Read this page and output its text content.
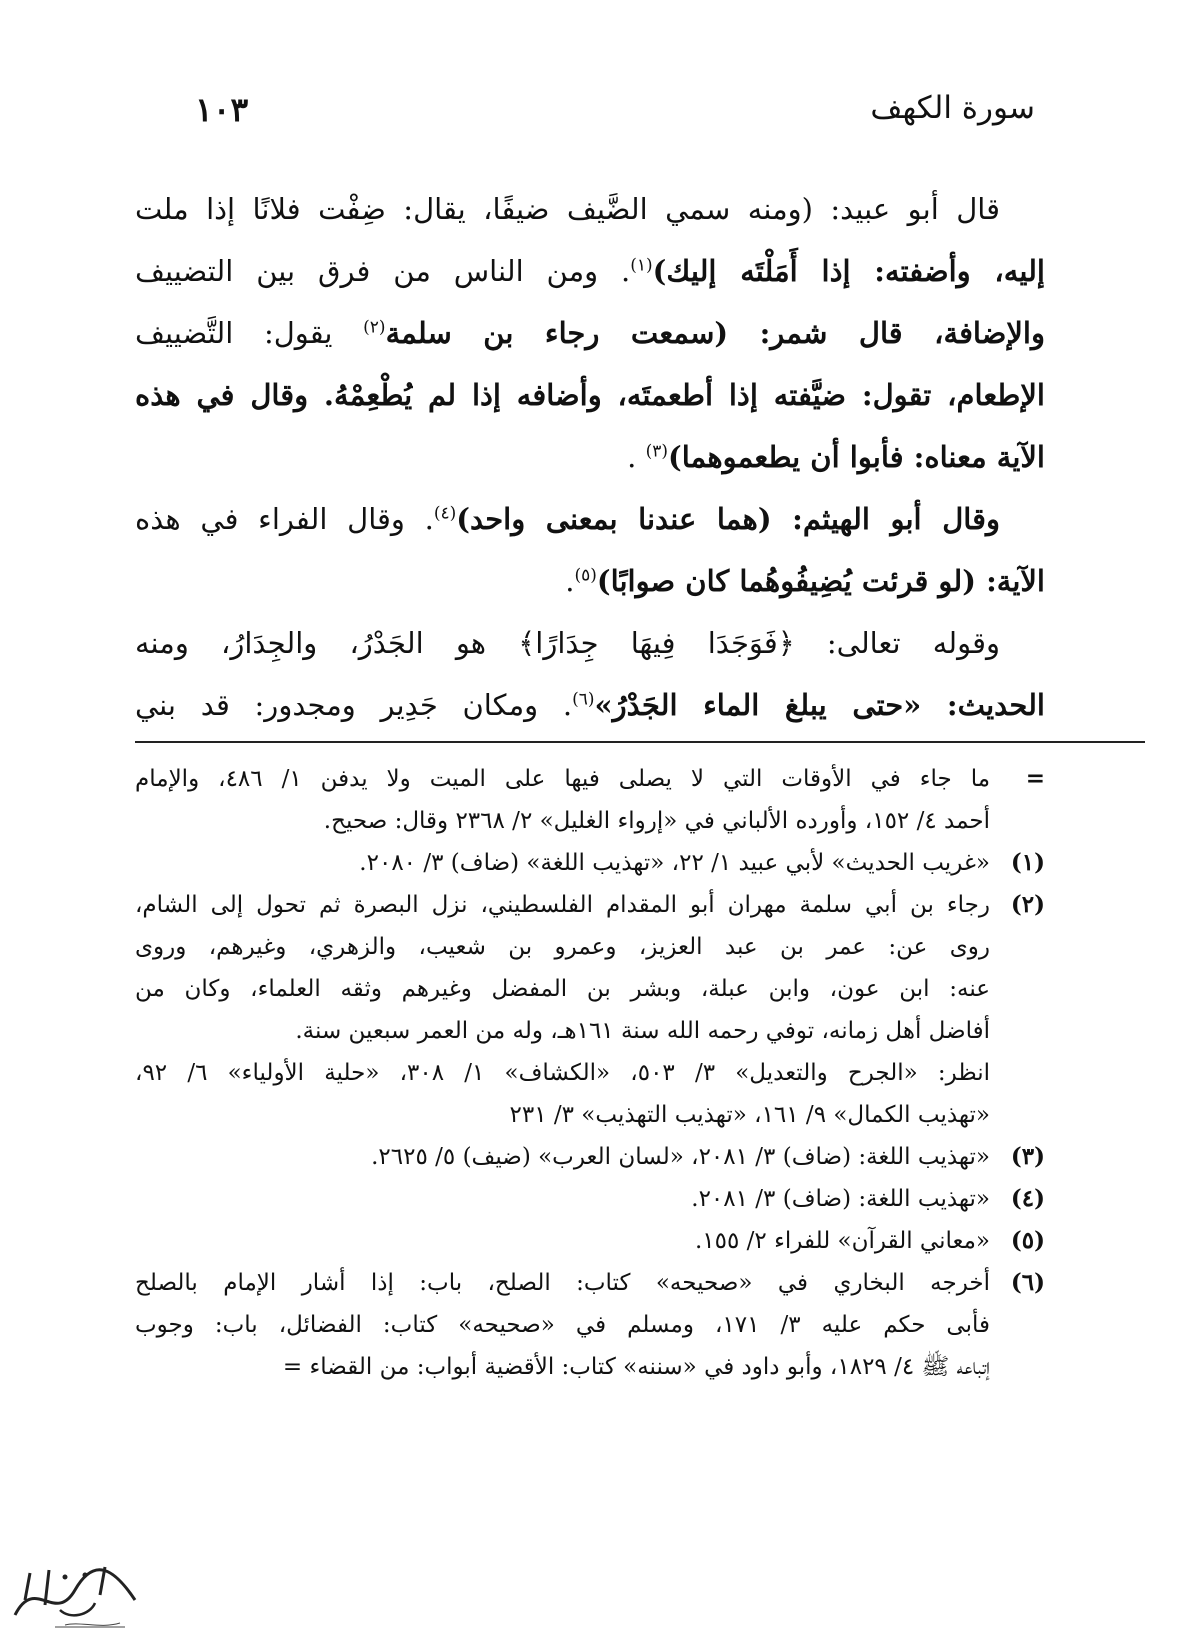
سورة الكهف
١٠٣

قال أبو عبيد: (ومنه سمي الضَّيف ضيفًا، يقال: ضِفْت فلانًا إذا ملت

إليه، وأضفته: إذا أَمَلْتَه إليك)$^{(١)}$. ومن الناس من فرق بين التضييف

والإضافة، قال شمر: (سمعت رجاء بن سلمة$^{(٢)}$ يقول: التَّضييف

الإطعام، تقول: ضيَّفته إذا أطعمتَه، وأضافه إذا لم يُطْعِمْهُ. وقال في هذه

الآية معناه: فأبوا أن يطعموهما)$^{(٣)}$ .

وقال أبو الهيثم: (هما عندنا بمعنى واحد)$^{(٤)}$. وقال الفراء في هذه

الآية: (لو قرئت يُضِيفُوهُما كان صوابًا)$^{(٥)}$.

وقوله تعالى: ﴿فَوَجَدَا فِيهَا جِدَارًا﴾ هو الجَدْرُ، والجِدَارُ، ومنه

الحديث: «حتى يبلغ الماء الجَدْرُ»$^{(٦)}$. ومكان جَدِير ومجدور: قد بني

=
ما جاء في الأوقات التي لا يصلى فيها على الميت ولا يدفن ١/ ٤٨٦، والإمام
أحمد ٤/ ١٥٢، وأورده الألباني في «إرواء الغليل» ٢/ ٢٣٦٨ وقال: صحيح.
(١)
«غريب الحديث» لأبي عبيد ١/ ٢٢، «تهذيب اللغة» (ضاف) ٣/ ٢٠٨٠.
(٢)
رجاء بن أبي سلمة مهران أبو المقدام الفلسطيني، نزل البصرة ثم تحول إلى الشام،
روى عن: عمر بن عبد العزيز، وعمرو بن شعيب، والزهري، وغيرهم، وروى
عنه: ابن عون، وابن عبلة، وبشر بن المفضل وغيرهم وثقه العلماء، وكان من
أفاضل أهل زمانه، توفي رحمه الله سنة ١٦١هـ، وله من العمر سبعين سنة.
انظر: «الجرح والتعديل» ٣/ ٥٠٣، «الكشاف» ١/ ٣٠٨، «حلية الأولياء» ٦/ ٩٢،
«تهذيب الكمال» ٩/ ١٦١، «تهذيب التهذيب» ٣/ ٢٣١
(٣)
«تهذيب اللغة: (ضاف) ٣/ ٢٠٨١، «لسان العرب» (ضيف) ٥/ ٢٦٢٥.
(٤)
«تهذيب اللغة: (ضاف) ٣/ ٢٠٨١.
(٥)
«معاني القرآن» للفراء ٢/ ١٥٥.
(٦)
أخرجه البخاري في «صحيحه» كتاب: الصلح، باب: إذا أشار الإمام بالصلح
فأبى حكم عليه ٣/ ١٧١، ومسلم في «صحيحه» كتاب: الفضائل، باب: وجوب
إتباعه ﷺ ٤/ ١٨٢٩، وأبو داود في «سننه» كتاب: الأقضية أبواب: من القضاء =
